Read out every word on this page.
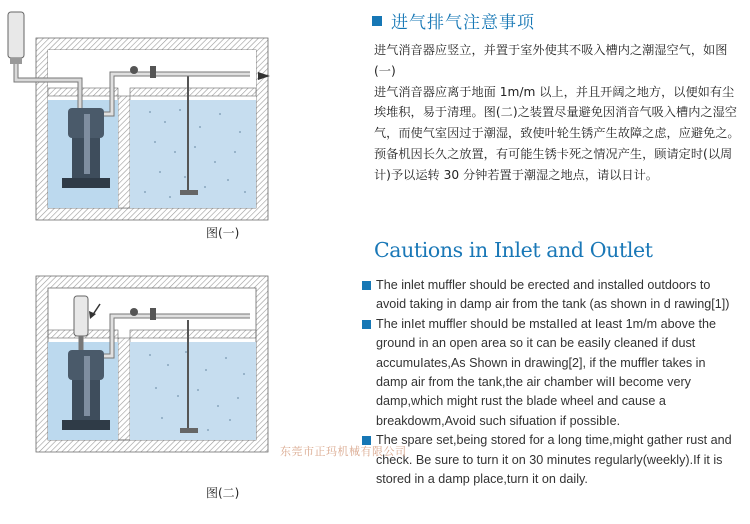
图(一)
图(二)
进气排气注意事项

进气消音器应竖立，并置于室外使其不吸入槽内之潮湿空气，如图(一)

进气消音器应离于地面 1m/m 以上，并且开阔之地方，以便如有尘埃堆积，易于清理。图(二)之装置尽量避免因消音气吸入槽内之湿空气，而使气室因过于潮湿，致使叶轮生锈产生故障之虑，应避免之。

预备机因长久之放置，有可能生锈卡死之情况产生，顾请定时(以周计)予以运转 30 分钟若置于潮湿之地点，请以日计。

Cautions in Inlet and Outlet
The inlet muffler should be erected and installed outdoors to avoid taking in damp air from the tank (as shown in d rawing[1])
The inIet muffler shouId be mstaIIed at Ieast 1m/m above the ground in an open area so it can be easiIy cleaned if dust accumuIates,As Shown in drawing[2], if the muffler takes in damp air from the tank,the air chamber wiII become very damp,which might rust the blade wheel and cause a breakdowm,Avoid such sifuation if possibIe.
The spare set,being stored for a long time,might gather rust and check. Be sure to turn it on 30 minutes regularly(weekly).If it is stored in a damp place,turn it on daily.
东莞市正玛机械有限公司
